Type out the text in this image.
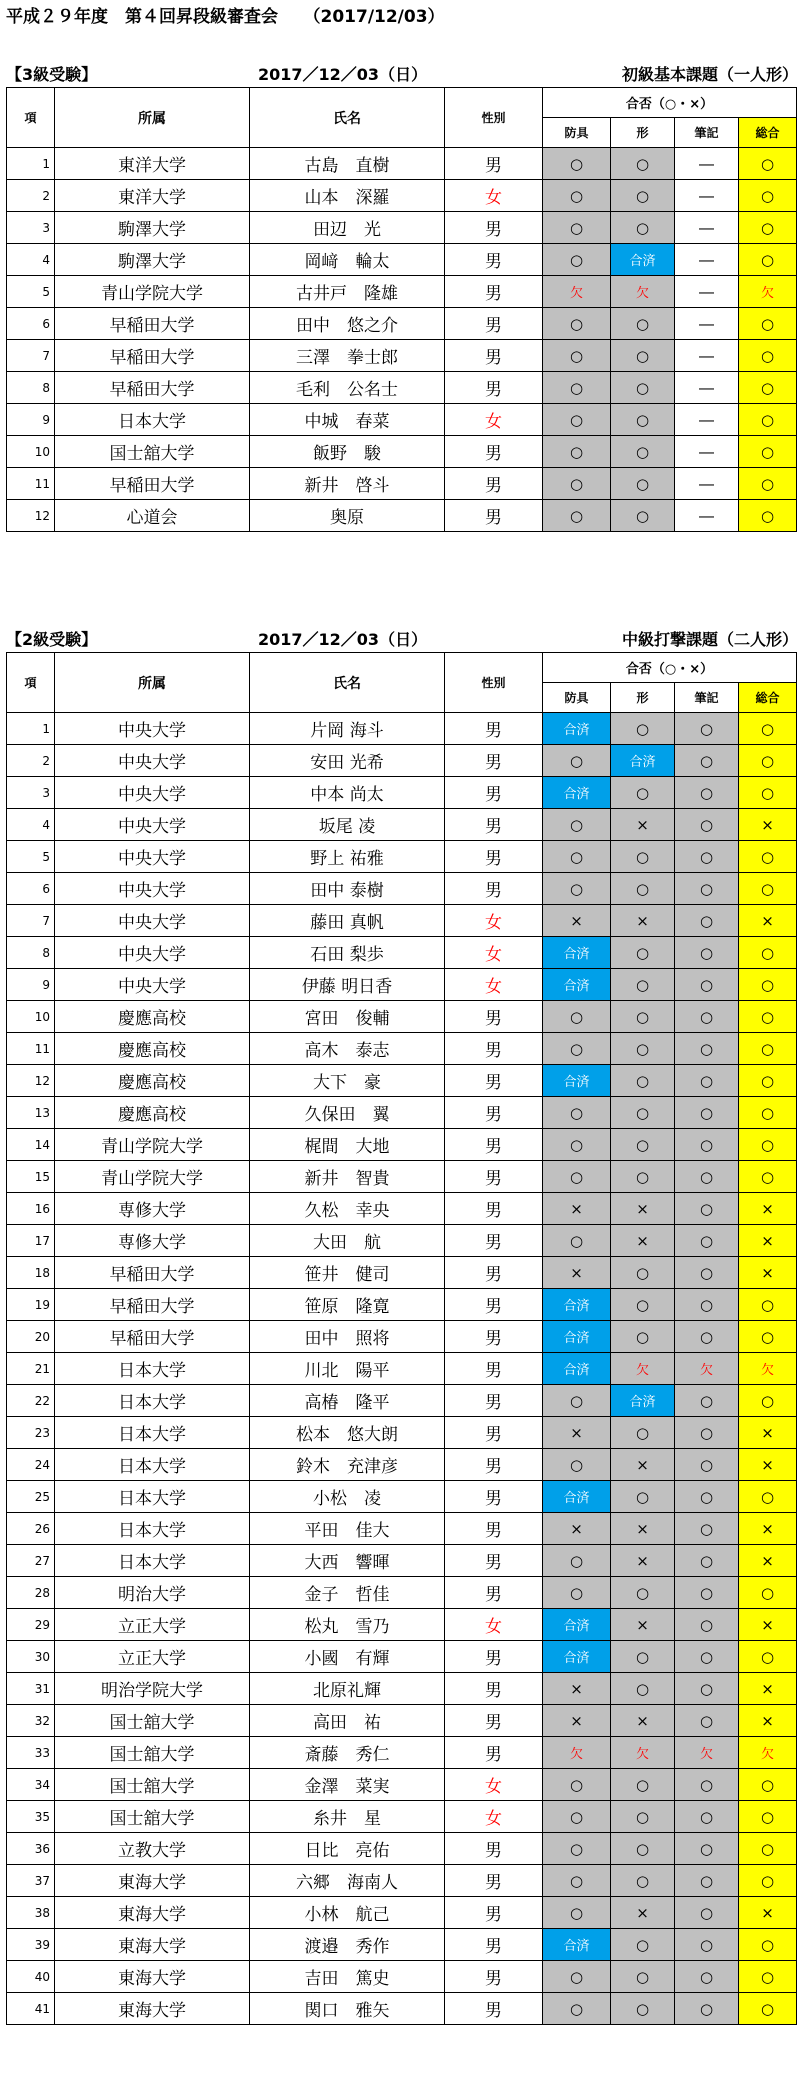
平成２９年度　第４回昇段級審査会　　（2017/12/03）
【3級受験】	2017／12／03（日）	初級基本課題（一人形）
項	所属	氏名	性別	合否（○・×）			
				防具	形	筆記	総合
1	東洋大学	古島　直樹	男	○	○	―	○
2	東洋大学	山本　深羅	女	○	○	―	○
3	駒澤大学	田辺　光	男	○	○	―	○
4	駒澤大学	岡﨑　輪太	男	○	合済	―	○
5	青山学院大学	古井戸　隆雄	男	欠	欠	―	欠
6	早稲田大学	田中　悠之介	男	○	○	―	○
7	早稲田大学	三澤　拳士郎	男	○	○	―	○
8	早稲田大学	毛利　公名士	男	○	○	―	○
9	日本大学	中城　春菜	女	○	○	―	○
10	国士舘大学	飯野　駿	男	○	○	―	○
11	早稲田大学	新井　啓斗	男	○	○	―	○
12	心道会	奥原	男	○	○	―	○
【2級受験】	2017／12／03（日）	中級打撃課題（二人形）
項	所属	氏名	性別	合否（○・×）			
				防具	形	筆記	総合
1	中央大学	片岡 海斗	男	合済	○	○	○
2	中央大学	安田 光希	男	○	合済	○	○
3	中央大学	中本 尚太	男	合済	○	○	○
4	中央大学	坂尾 凌	男	○	×	○	×
5	中央大学	野上 祐雅	男	○	○	○	○
6	中央大学	田中 泰樹	男	○	○	○	○
7	中央大学	藤田 真帆	女	×	×	○	×
8	中央大学	石田 梨歩	女	合済	○	○	○
9	中央大学	伊藤 明日香	女	合済	○	○	○
10	慶應高校	宮田　俊輔	男	○	○	○	○
11	慶應高校	高木　泰志	男	○	○	○	○
12	慶應高校	大下　豪	男	合済	○	○	○
13	慶應高校	久保田　翼	男	○	○	○	○
14	青山学院大学	梶間　大地	男	○	○	○	○
15	青山学院大学	新井　智貴	男	○	○	○	○
16	専修大学	久松　幸央	男	×	×	○	×
17	専修大学	大田　航	男	○	×	○	×
18	早稲田大学	笹井　健司	男	×	○	○	×
19	早稲田大学	笹原　隆寛	男	合済	○	○	○
20	早稲田大学	田中　照将	男	合済	○	○	○
21	日本大学	川北　陽平	男	合済	欠	欠	欠
22	日本大学	高椿　隆平	男	○	合済	○	○
23	日本大学	松本　悠大朗	男	×	○	○	×
24	日本大学	鈴木　充津彦	男	○	×	○	×
25	日本大学	小松　凌	男	合済	○	○	○
26	日本大学	平田　佳大	男	×	×	○	×
27	日本大学	大西　響暉	男	○	×	○	×
28	明治大学	金子　哲佳	男	○	○	○	○
29	立正大学	松丸　雪乃	女	合済	×	○	×
30	立正大学	小國　有輝	男	合済	○	○	○
31	明治学院大学	北原礼輝	男	×	○	○	×
32	国士舘大学	高田　祐	男	×	×	○	×
33	国士舘大学	斎藤　秀仁	男	欠	欠	欠	欠
34	国士舘大学	金澤　菜実	女	○	○	○	○
35	国士舘大学	糸井　星	女	○	○	○	○
36	立教大学	日比　亮佑	男	○	○	○	○
37	東海大学	六郷　海南人	男	○	○	○	○
38	東海大学	小林　航己	男	○	×	○	×
39	東海大学	渡邉　秀作	男	合済	○	○	○
40	東海大学	吉田　篤史	男	○	○	○	○
41	東海大学	関口　雅矢	男	○	○	○	○
